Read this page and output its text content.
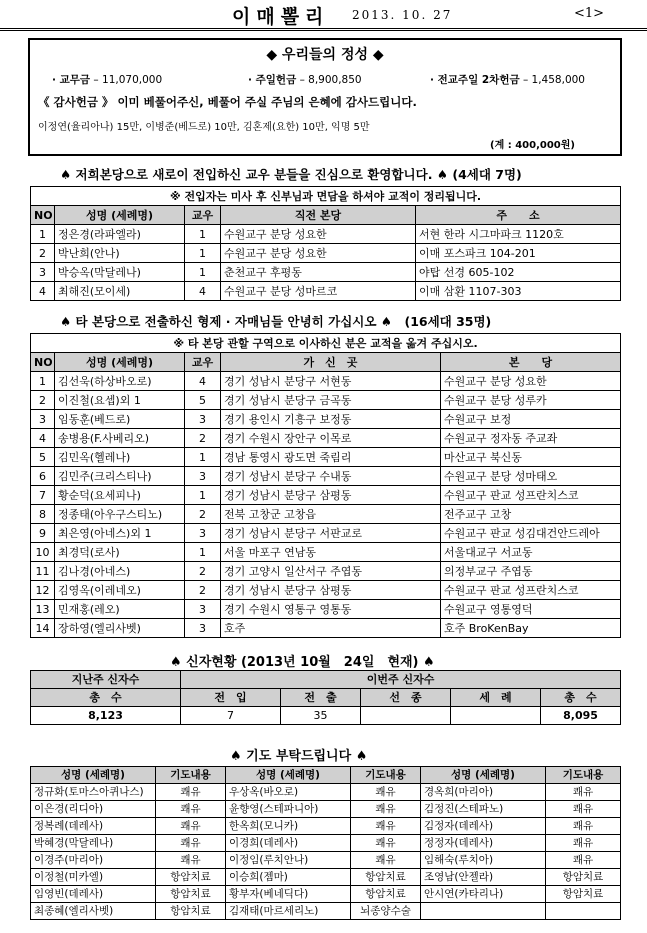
이매뽈리 2013. 10. 27	<1>
◆ 우리들의 정성 ◆
· 교무금 – 11,070,000	· 주일헌금 – 8,900,850	· 전교주일 2차헌금 – 1,458,000
《 감사헌금 》 이미 베풀어주신, 베풀어 주실 주님의 은혜에 감사드립니다.
이정연(율리아나) 15만, 이병준(베드로) 10만, 김혼제(요한) 10만, 익명 5만
(계 : 400,000원)
♠ 저희본당으로 새로이 전입하신 교우 분들을 진심으로 환영합니다. ♠ (4세대 7명)
※ 전입자는 미사 후 신부님과 면담을 하셔야 교적이 정리됩니다.				
NO	성명 (세례명)	교우	직전 본당	주　　소
1	정은경(라파엘라)	1	수원교구 분당 성요한	서현 한라 시그마파크 1120호
2	박난희(안나)	1	수원교구 분당 성요한	이매 포스파크 104-201
3	박승옥(막달레나)	1	춘천교구 후평동	야탑 선경 605-102
4	최해진(모이세)	4	수원교구 분당 성마르코	이매 삼환 1107-303
♠ 타 본당으로 전출하신 형제 · 자매님들 안녕히 가십시오 ♠　(16세대 35명)
※ 타 본당 관할 구역으로 이사하신 분은 교적을 옮겨 주십시오.				
NO	성명 (세례명)	교우	가　신　곳	본　　당
1	김선욱(하상바오로)	4	경기 성남시 분당구 서현동	수원교구 분당 성요한
2	이진철(요셉)외 1	5	경기 성남시 분당구 금곡동	수원교구 분당 성루카
3	임동훈(베드로)	3	경기 용인시 기흥구 보정동	수원교구 보정
4	송병용(F.사베리오)	2	경기 수원시 장안구 이목로	수원교구 정자동 주교좌
5	김민옥(헬레나)	1	경남 통영시 광도면 죽림리	마산교구 북신동
6	김민주(크리스티나)	3	경기 성남시 분당구 수내동	수원교구 분당 성마태오
7	황순덕(요세피나)	1	경기 성남시 분당구 삼평동	수원교구 판교 성프란치스코
8	정종태(아우구스티노)	2	전북 고창군 고창읍	전주교구 고창
9	최은영(아네스)외 1	3	경기 성남시 분당구 서판교로	수원교구 판교 성김대건안드레아
10	최경덕(로사)	1	서울 마포구 연남동	서울대교구 서교동
11	김나경(아네스)	2	경기 고양시 일산서구 주엽동	의정부교구 주엽동
12	김영옥(이레네오)	2	경기 성남시 분당구 삼평동	수원교구 판교 성프란치스코
13	민재홍(레오)	3	경기 수원시 영통구 영통동	수원교구 영통영덕
14	장하영(엘리사벳)	3	호주	호주 BroKenBay
♠ 신자현황 (2013년 10월　24일　현재) ♠
지난주 신자수	이번주 신자수				
총　수	전　입	전　출	선　종	세　례	총　수
8,123	7	35			8,095
♠ 기도 부탁드립니다 ♠
성명 (세례명)	기도내용	성명 (세례명)	기도내용	성명 (세례명)	기도내용
정규화(토마스아퀴나스)	쾌유	우상옥(바오로)	쾌유	경옥희(마리아)	쾌유
이은경(리디아)	쾌유	윤향영(스테파니아)	쾌유	김정진(스테파노)	쾌유
정복례(데레사)	쾌유	한옥희(모니카)	쾌유	김정자(데레사)	쾌유
박혜경(막달레나)	쾌유	이경희(데레사)	쾌유	정정자(데레사)	쾌유
이경주(마리아)	쾌유	이정임(루치안나)	쾌유	임해숙(루치아)	쾌유
이정철(미카엘)	항암치료	이승희(젬마)	항암치료	조영남(안젤라)	항암치료
임영빈(데레사)	항암치료	황부자(베네딕다)	항암치료	안시연(카타리나)	항암치료
최종혜(엘리사벳)	항암치료	김재태(마르세리노)	뇌종양수술		
